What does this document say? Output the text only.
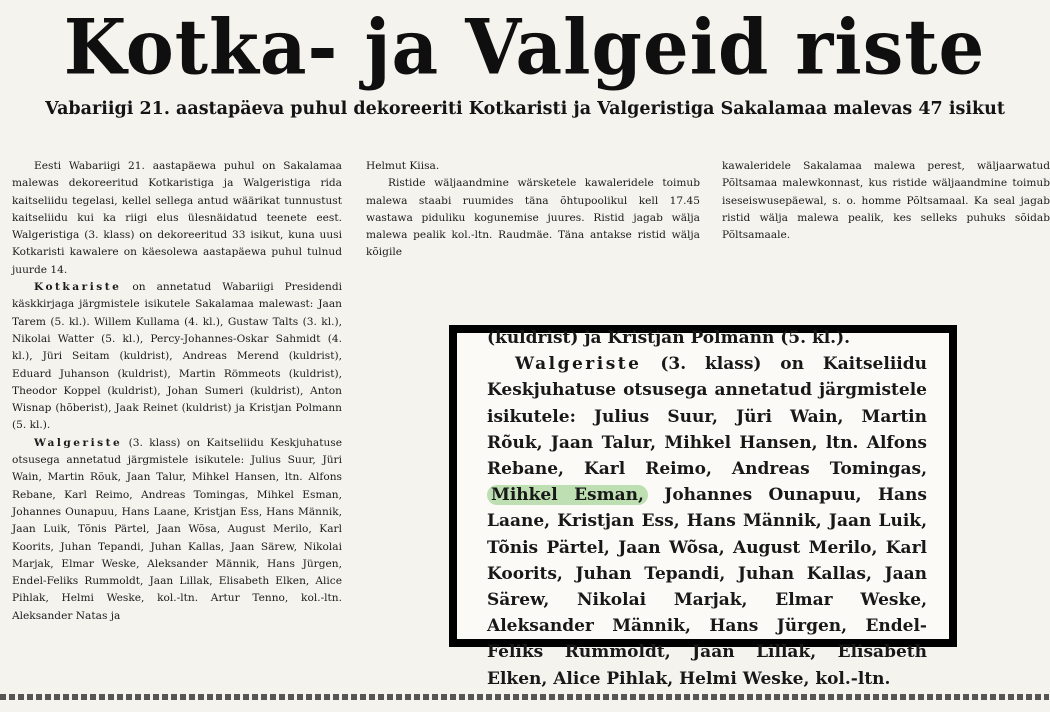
Kotka- ja Valgeid riste
Vabariigi 21. aastapäeva puhul dekoreeriti Kotkaristi ja Valgeristiga Sakalamaa malevas 47 isikut

Eesti Wabariigi 21. aastapäewa puhul on Sakalamaa malewas dekoreeritud Kotkaristiga ja Walgeristiga rida kaitseliidu tegelasi, kellel sellega antud wäärikat tunnustust kaitseliidu kui ka riigi elus ülesnäidatud teenete eest. Walgeristiga (3. klass) on dekoreeritud 33 isikut, kuna uusi Kotkaristi kawalere on käesolewa aastapäewa puhul tulnud juurde 14.

Kotkariste on annetatud Wabariigi Presidendi käskkirjaga järgmistele isikutele Sakalamaa malewast: Jaan Tarem (5. kl.). Willem Kullama (4. kl.), Gustaw Talts (3. kl.), Nikolai Watter (5. kl.), Percy-Johannes-Oskar Sahmidt (4. kl.), Jüri Seitam (kuldrist), Andreas Merend (kuldrist), Eduard Juhanson (kuldrist), Martin Römmeots (kuldrist), Theodor Koppel (kuldrist), Johan Sumeri (kuldrist), Anton Wisnap (hõberist), Jaak Reinet (kuldrist) ja Kristjan Polmann (5. kl.).

Walgeriste (3. klass) on Kaitseliidu Keskjuhatuse otsusega annetatud järgmistele isikutele: Julius Suur, Jüri Wain, Martin Rõuk, Jaan Talur, Mihkel Hansen, ltn. Alfons Rebane, Karl Reimo, Andreas Tomingas, Mihkel Esman, Johannes Ounapuu, Hans Laane, Kristjan Ess, Hans Männik, Jaan Luik, Tõnis Pärtel, Jaan Wõsa, August Merilo, Karl Koorits, Juhan Tepandi, Juhan Kallas, Jaan Särew, Nikolai Marjak, Elmar Weske, Aleksander Männik, Hans Jürgen, Endel-Feliks Rummoldt, Jaan Lillak, Elisabeth Elken, Alice Pihlak, Helmi Weske, kol.-ltn. Artur Tenno, kol.-ltn. Aleksander Natas ja

Helmut Kiisa.

Ristide wäljaandmine wärsketele kawaleridele toimub malewa staabi ruumides täna õhtupoolikul kell 17.45 wastawa piduliku kogunemise juures. Ristid jagab wälja malewa pealik kol.-ltn. Raudmäe. Täna antakse ristid wälja kõigile

kawaleridele Sakalamaa malewa perest, wäljaarwatud Põltsamaa malewkonnast, kus ristide wäljaandmine toimub iseseiswusepäewal, s. o. homme Põltsamaal. Ka seal jagab ristid wälja malewa pealik, kes selleks puhuks sõidab Põltsamaale.

(kuldrist) ja Kristjan Polmann (5. kl.).

Walgeriste (3. klass) on Kaitseliidu Keskjuhatuse otsusega annetatud järgmistele isikutele: Julius Suur, Jüri Wain, Martin Rõuk, Jaan Talur, Mihkel Hansen, ltn. Alfons Rebane, Karl Reimo, Andreas Tomingas, Mihkel Esman, Johannes Ounapuu, Hans Laane, Kristjan Ess, Hans Männik, Jaan Luik, Tõnis Pärtel, Jaan Wõsa, August Merilo, Karl Koorits, Juhan Tepandi, Juhan Kallas, Jaan Särew, Nikolai Marjak, Elmar Weske, Aleksander Männik, Hans Jürgen, Endel-Feliks Rummoldt, Jaan Lillak, Elisabeth Elken, Alice Pihlak, Helmi Weske, kol.-ltn.
